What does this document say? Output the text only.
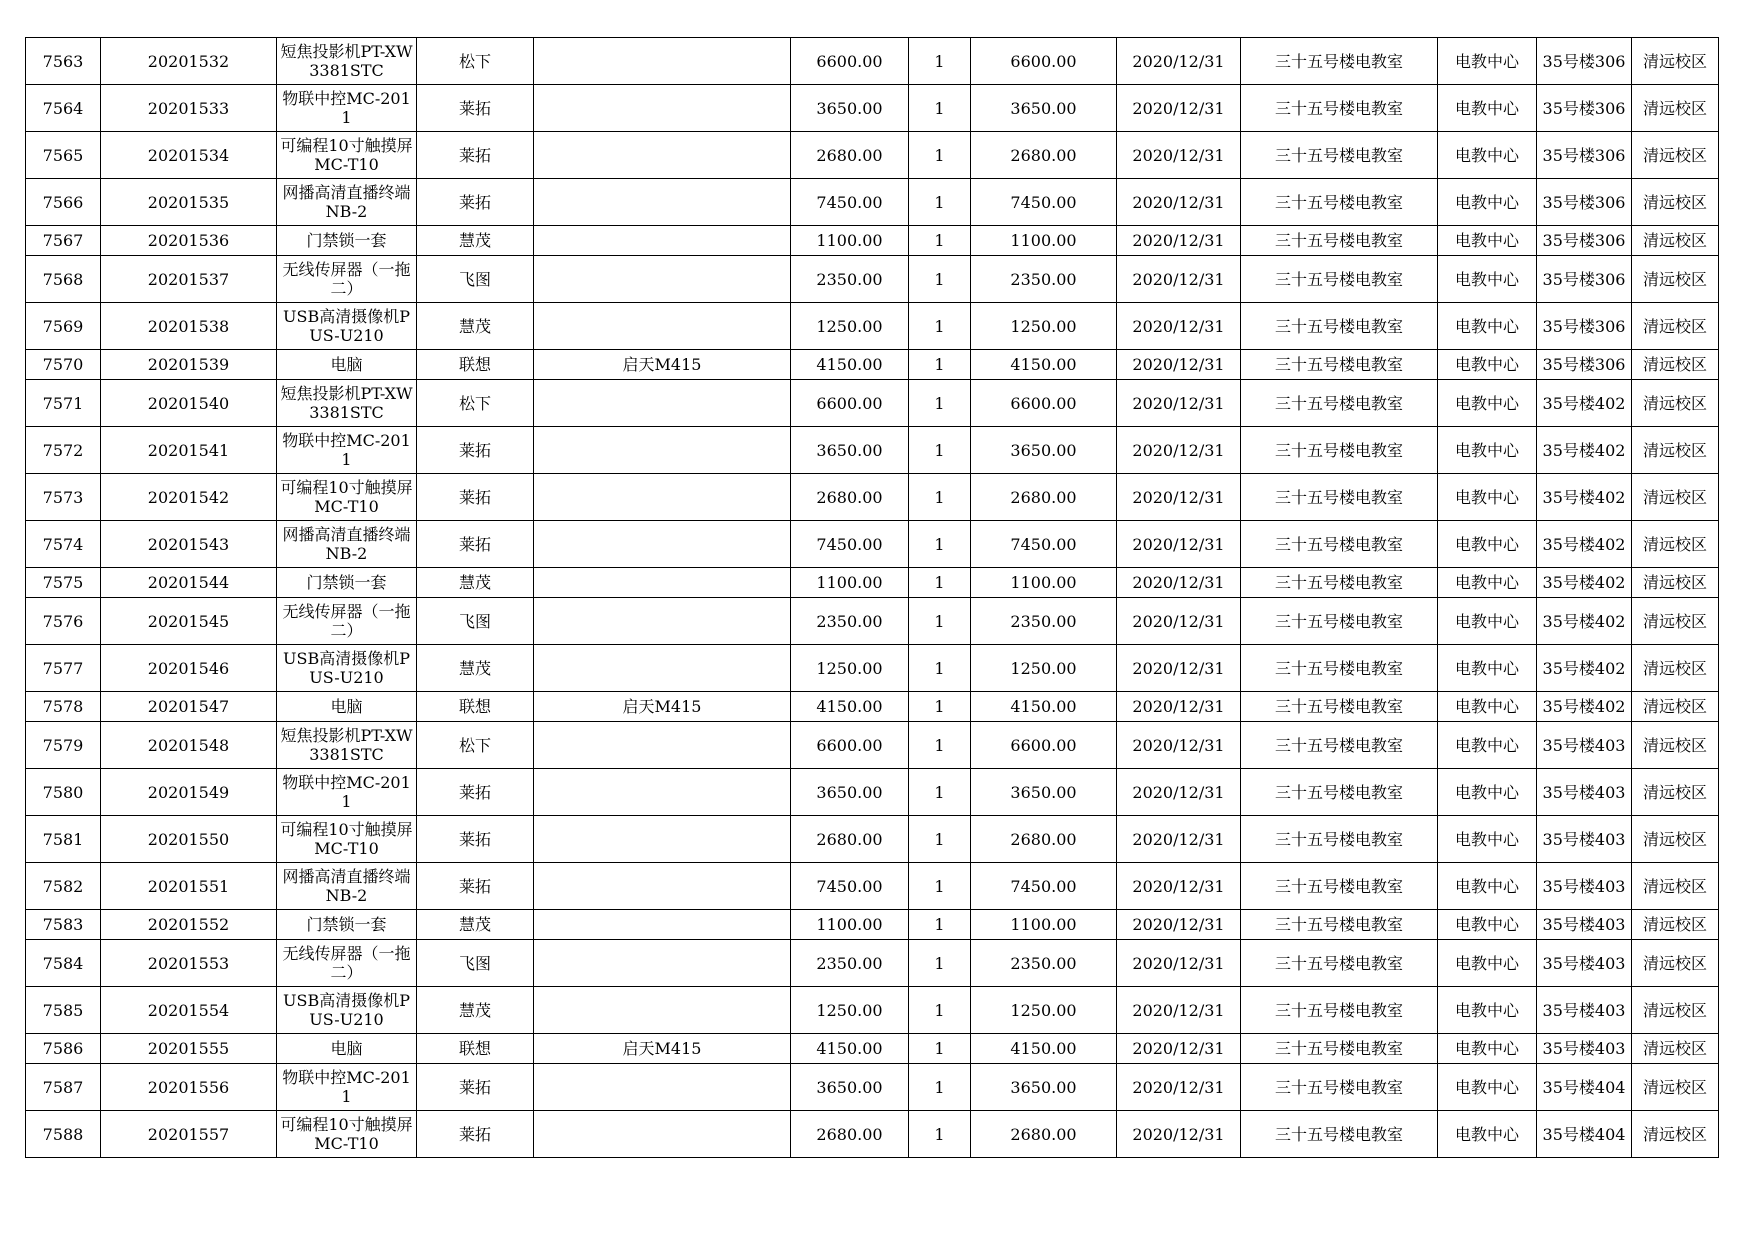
7563	20201532	短焦投影机PT-XW3381STC	松下		6600.00	1	6600.00	2020/12/31	三十五号楼电教室	电教中心	35号楼306	清远校区
7564	20201533	物联中控MC-2011	莱拓		3650.00	1	3650.00	2020/12/31	三十五号楼电教室	电教中心	35号楼306	清远校区
7565	20201534	可编程10寸触摸屏MC-T10	莱拓		2680.00	1	2680.00	2020/12/31	三十五号楼电教室	电教中心	35号楼306	清远校区
7566	20201535	网播高清直播终端NB-2	莱拓		7450.00	1	7450.00	2020/12/31	三十五号楼电教室	电教中心	35号楼306	清远校区
7567	20201536	门禁锁一套	慧茂		1100.00	1	1100.00	2020/12/31	三十五号楼电教室	电教中心	35号楼306	清远校区
7568	20201537	无线传屏器（一拖二）	飞图		2350.00	1	2350.00	2020/12/31	三十五号楼电教室	电教中心	35号楼306	清远校区
7569	20201538	USB高清摄像机PUS-U210	慧茂		1250.00	1	1250.00	2020/12/31	三十五号楼电教室	电教中心	35号楼306	清远校区
7570	20201539	电脑	联想	启天M415	4150.00	1	4150.00	2020/12/31	三十五号楼电教室	电教中心	35号楼306	清远校区
7571	20201540	短焦投影机PT-XW3381STC	松下		6600.00	1	6600.00	2020/12/31	三十五号楼电教室	电教中心	35号楼402	清远校区
7572	20201541	物联中控MC-2011	莱拓		3650.00	1	3650.00	2020/12/31	三十五号楼电教室	电教中心	35号楼402	清远校区
7573	20201542	可编程10寸触摸屏MC-T10	莱拓		2680.00	1	2680.00	2020/12/31	三十五号楼电教室	电教中心	35号楼402	清远校区
7574	20201543	网播高清直播终端NB-2	莱拓		7450.00	1	7450.00	2020/12/31	三十五号楼电教室	电教中心	35号楼402	清远校区
7575	20201544	门禁锁一套	慧茂		1100.00	1	1100.00	2020/12/31	三十五号楼电教室	电教中心	35号楼402	清远校区
7576	20201545	无线传屏器（一拖二）	飞图		2350.00	1	2350.00	2020/12/31	三十五号楼电教室	电教中心	35号楼402	清远校区
7577	20201546	USB高清摄像机PUS-U210	慧茂		1250.00	1	1250.00	2020/12/31	三十五号楼电教室	电教中心	35号楼402	清远校区
7578	20201547	电脑	联想	启天M415	4150.00	1	4150.00	2020/12/31	三十五号楼电教室	电教中心	35号楼402	清远校区
7579	20201548	短焦投影机PT-XW3381STC	松下		6600.00	1	6600.00	2020/12/31	三十五号楼电教室	电教中心	35号楼403	清远校区
7580	20201549	物联中控MC-2011	莱拓		3650.00	1	3650.00	2020/12/31	三十五号楼电教室	电教中心	35号楼403	清远校区
7581	20201550	可编程10寸触摸屏MC-T10	莱拓		2680.00	1	2680.00	2020/12/31	三十五号楼电教室	电教中心	35号楼403	清远校区
7582	20201551	网播高清直播终端NB-2	莱拓		7450.00	1	7450.00	2020/12/31	三十五号楼电教室	电教中心	35号楼403	清远校区
7583	20201552	门禁锁一套	慧茂		1100.00	1	1100.00	2020/12/31	三十五号楼电教室	电教中心	35号楼403	清远校区
7584	20201553	无线传屏器（一拖二）	飞图		2350.00	1	2350.00	2020/12/31	三十五号楼电教室	电教中心	35号楼403	清远校区
7585	20201554	USB高清摄像机PUS-U210	慧茂		1250.00	1	1250.00	2020/12/31	三十五号楼电教室	电教中心	35号楼403	清远校区
7586	20201555	电脑	联想	启天M415	4150.00	1	4150.00	2020/12/31	三十五号楼电教室	电教中心	35号楼403	清远校区
7587	20201556	物联中控MC-2011	莱拓		3650.00	1	3650.00	2020/12/31	三十五号楼电教室	电教中心	35号楼404	清远校区
7588	20201557	可编程10寸触摸屏MC-T10	莱拓		2680.00	1	2680.00	2020/12/31	三十五号楼电教室	电教中心	35号楼404	清远校区
